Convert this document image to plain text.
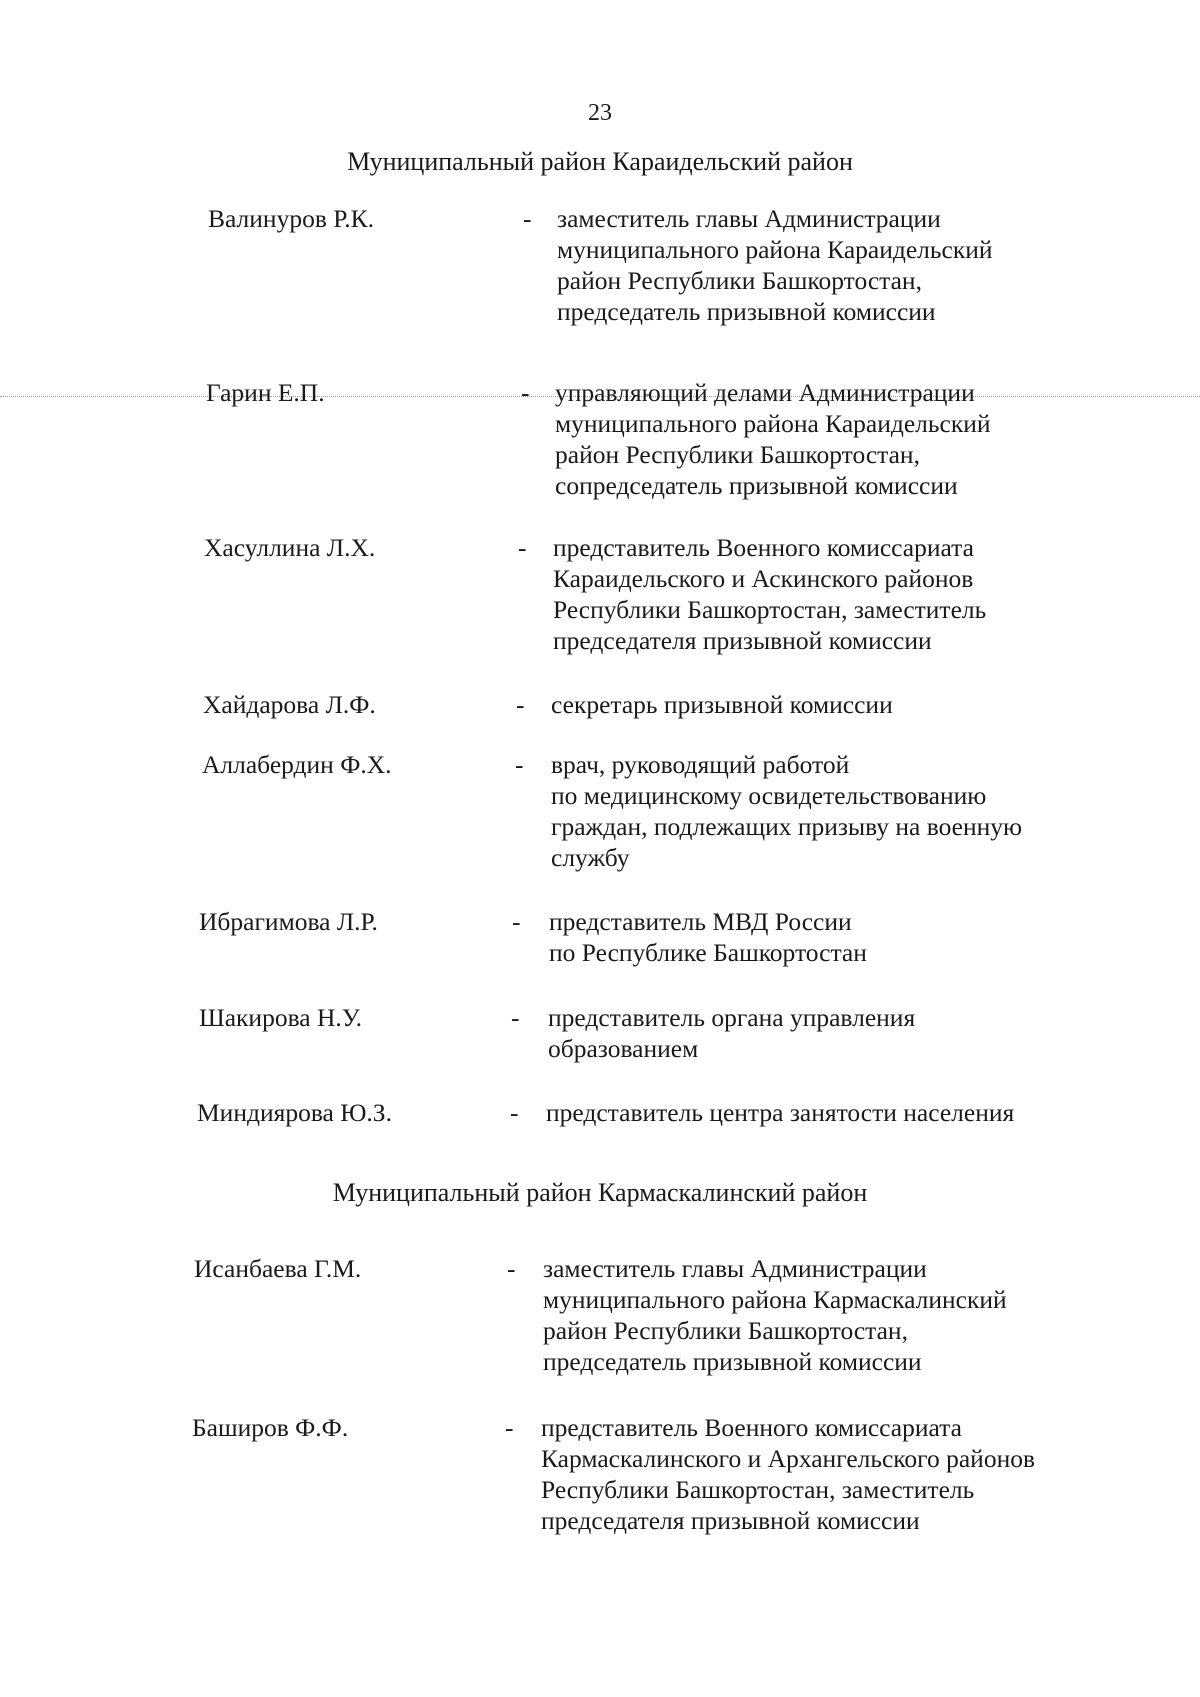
23
Муниципальный район Караидельский район
Валинуров Р.К.	- заместитель главы Администрации
муниципального района Караидельский
район Республики Башкортостан,
председатель призывной комиссии
Гарин Е.П.	- управляющий делами Администрации
муниципального района Караидельский
район Республики Башкортостан,
сопредседатель призывной комиссии
Хасуллина Л.Х.	- представитель Военного комиссариата
Караидельского и Аскинского районов
Республики Башкортостан, заместитель
председателя призывной комиссии
Хайдарова Л.Ф.	- секретарь призывной комиссии
Аллабердин Ф.Х.	- врач, руководящий работой
по медицинскому освидетельствованию
граждан, подлежащих призыву на военную
службу
Ибрагимова Л.Р.	- представитель МВД России
по Республике Башкортостан
Шакирова Н.У.	- представитель органа управления
образованием
Миндиярова Ю.З.	- представитель центра занятости населения
Муниципальный район Кармаскалинский район
Исанбаева Г.М.	- заместитель главы Администрации
муниципального района Кармаскалинский
район Республики Башкортостан,
председатель призывной комиссии
Баширов Ф.Ф.	- представитель Военного комиссариата
Кармаскалинского и Архангельского районов
Республики Башкортостан, заместитель
председателя призывной комиссии
